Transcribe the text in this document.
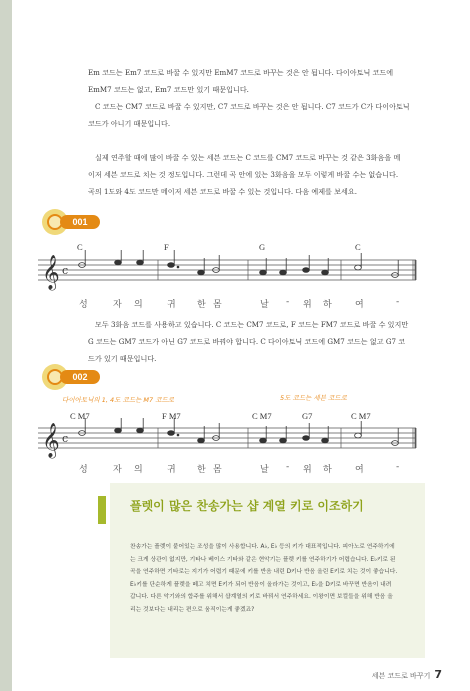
Em 코드는 Em7 코드로 바꿀 수 있지만 EmM7 코드로 바꾸는 것은 안 됩니다. 다이아토닉 코드에
EmM7 코드는 없고, Em7 코드만 있기 때문입니다.
C 코드는 CM7 코드로 바꿀 수 있지만, C7 코드로 바꾸는 것은 안 됩니다. C7 코드가 C가 다이아토닉
코드가 아니기 때문입니다.
실제 연주할 때에 많이 바꿀 수 있는 세븐 코드는 C 코드를 CM7 코드로 바꾸는 것 같은 3화음을 메
이저 세븐 코드로 치는 것 정도입니다. 그런데 곡 안에 있는 3화음을 모두 이렇게 바꿀 수는 없습니다.
곡의 1도와 4도 코드만 메이저 세븐 코드로 바꿀 수 있는 것입니다. 다음 예제를 보세요.
001
C	F	G	C
𝄞 c
성	자 의	귀 한 몸	날 - 위 하	여	-
모두 3화음 코드를 사용하고 있습니다. C 코드는 CM7 코드로, F 코드는 FM7 코드로 바꿀 수 있지만
G 코드는 GM7 코드가 아닌 G7 코드로 바꿔야 합니다. C 다이아토닉 코드에 GM7 코드는 없고 G7 코
드가 있기 때문입니다.
002
다이아토닉의 1, 4도 코드는 M7 코드로	5도 코드는 세븐 코드로
C M7	F M7	C M7	G7	C M7
𝄞 c
성	자 의	귀 한 몸	날 - 위 하	여	-
플렛이 많은 찬송가는 샵 계열 키로 이조하기
찬송가는 플렛이 붙어있는 조성을 많이 사용합니다. A♭, E♭ 등의 키가 대표적입니다. 피아노로 연주하기에
는 크게 상관이 없지만, 기타나 베이스 기타와 같은 현악기는 플렛 키를 연주하기가 어렵습니다. E♭키로 된
곡을 연주하면 기타로는 지기가 어렵기 때문에 키를 반음 내린 D키나 반음 올린 E키로 치는 것이 좋습니다.
E♭키를 단순하게 플렛을 떼고 치면 E키가 되어 반음이 올라가는 것이고, E♭을 D키로 바꾸면 반음이 내려
갑니다. 다른 악기와의 합주를 위해서 샵계열의 키로 바꿔서 연주하세요. 이왕이면 보컬들을 위해 반음 올
리는 것보다는 내리는 편으로 움직이는게 좋겠죠?
세븐 코드로 바꾸기 7
